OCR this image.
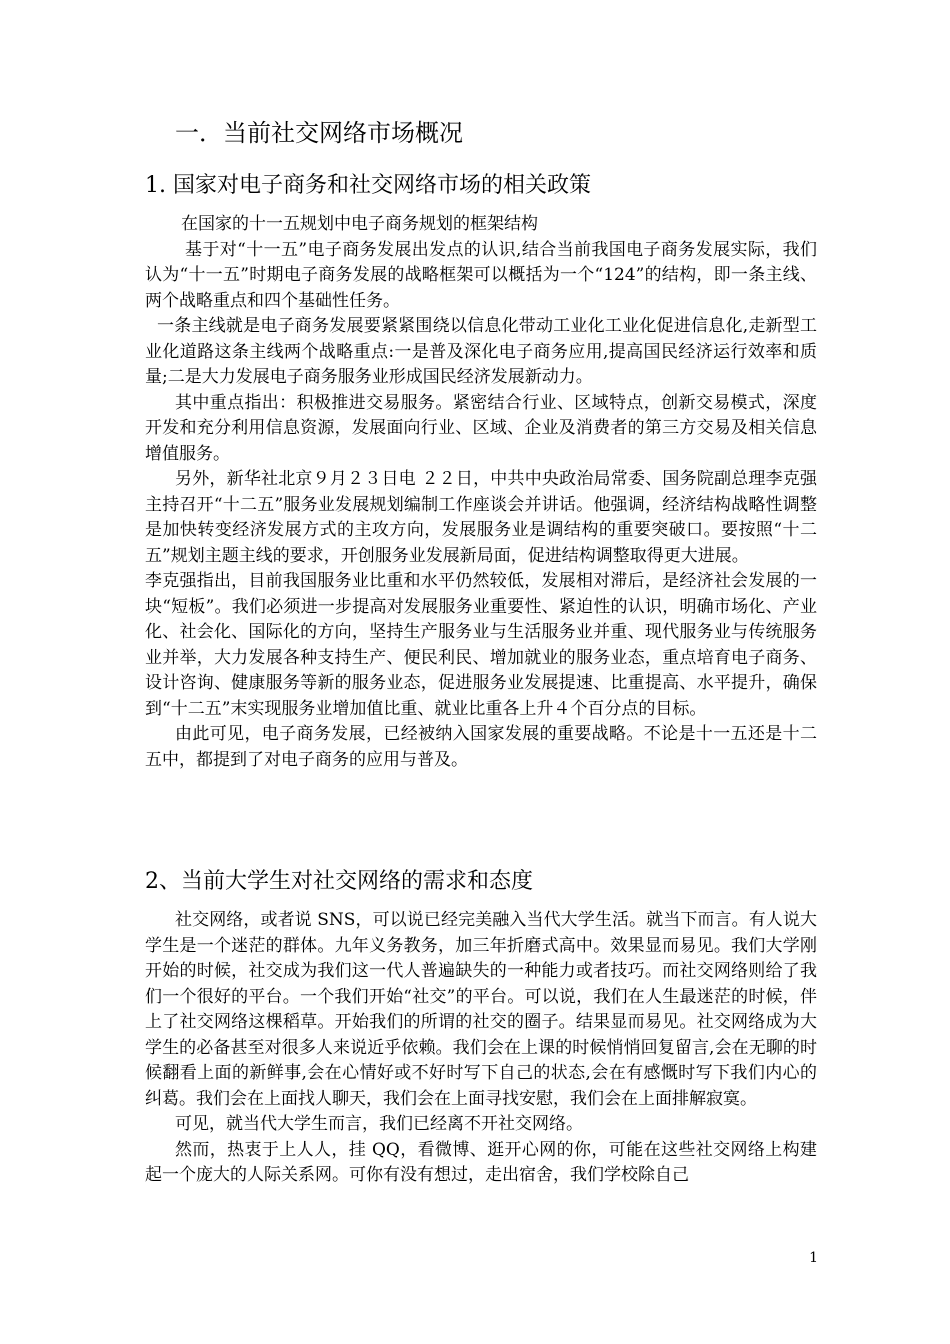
一．当前社交网络市场概况
1. 国家对电子商务和社交网络市场的相关政策

在国家的十一五规划中电子商务规划的框架结构

基于对“十一五”电子商务发展出发点的认识,结合当前我国电子商务发展实际，我们认为“十一五”时期电子商务发展的战略框架可以概括为一个“124”的结构，即一条主线、两个战略重点和四个基础性任务。

一条主线就是电子商务发展要紧紧围绕以信息化带动工业化工业化促进信息化,走新型工业化道路这条主线两个战略重点:一是普及深化电子商务应用,提高国民经济运行效率和质量;二是大力发展电子商务服务业形成国民经济发展新动力。

其中重点指出：积极推进交易服务。紧密结合行业、区域特点，创新交易模式，深度开发和充分利用信息资源，发展面向行业、区域、企业及消费者的第三方交易及相关信息增值服务。

另外，新华社北京９月２３日电 ２２日，中共中央政治局常委、国务院副总理李克强主持召开“十二五”服务业发展规划编制工作座谈会并讲话。他强调，经济结构战略性调整是加快转变经济发展方式的主攻方向，发展服务业是调结构的重要突破口。要按照“十二五”规划主题主线的要求，开创服务业发展新局面，促进结构调整取得更大进展。

李克强指出，目前我国服务业比重和水平仍然较低，发展相对滞后，是经济社会发展的一块“短板”。我们必须进一步提高对发展服务业重要性、紧迫性的认识，明确市场化、产业化、社会化、国际化的方向，坚持生产服务业与生活服务业并重、现代服务业与传统服务业并举，大力发展各种支持生产、便民利民、增加就业的服务业态，重点培育电子商务、设计咨询、健康服务等新的服务业态，促进服务业发展提速、比重提高、水平提升，确保到“十二五”末实现服务业增加值比重、就业比重各上升４个百分点的目标。

由此可见，电子商务发展，已经被纳入国家发展的重要战略。不论是十一五还是十二五中，都提到了对电子商务的应用与普及。

2、当前大学生对社交网络的需求和态度

社交网络，或者说 SNS，可以说已经完美融入当代大学生活。就当下而言。有人说大学生是一个迷茫的群体。九年义务教务，加三年折磨式高中。效果显而易见。我们大学刚开始的时候，社交成为我们这一代人普遍缺失的一种能力或者技巧。而社交网络则给了我们一个很好的平台。一个我们开始“社交”的平台。可以说，我们在人生最迷茫的时候，伴上了社交网络这棵稻草。开始我们的所谓的社交的圈子。结果显而易见。社交网络成为大学生的必备甚至对很多人来说近乎依赖。我们会在上课的时候悄悄回复留言,会在无聊的时候翻看上面的新鲜事,会在心情好或不好时写下自己的状态,会在有感慨时写下我们内心的纠葛。我们会在上面找人聊天，我们会在上面寻找安慰，我们会在上面排解寂寞。

可见，就当代大学生而言，我们已经离不开社交网络。

然而，热衷于上人人，挂 QQ，看微博、逛开心网的你，可能在这些社交网络上构建起一个庞大的人际关系网。可你有没有想过，走出宿舍，我们学校除自己

1
